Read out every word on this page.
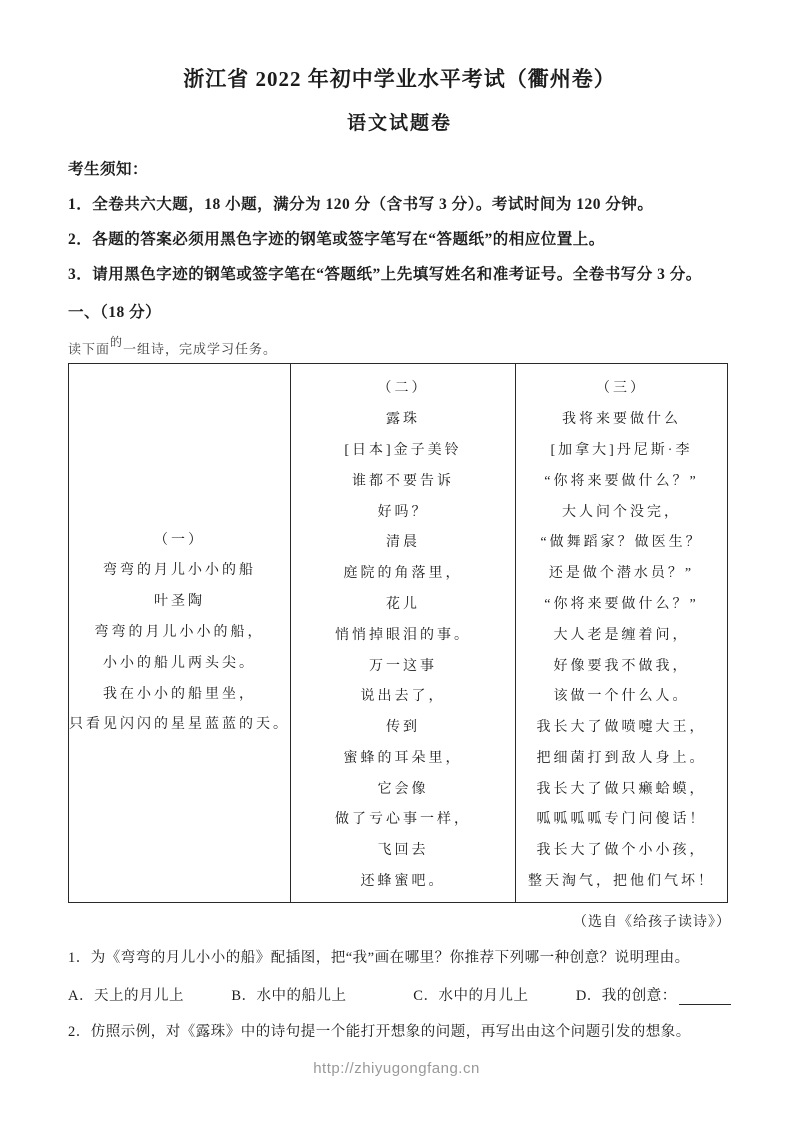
浙江省 2022 年初中学业水平考试（衢州卷）
语文试题卷
考生须知：
1．全卷共六大题，18 小题，满分为 120 分（含书写 3 分）。考试时间为 120 分钟。
2．各题的答案必须用黑色字迹的钢笔或签字笔写在“答题纸”的相应位置上。
3．请用黑色字迹的钢笔或签字笔在“答题纸”上先填写姓名和准考证号。全卷书写分 3 分。
一、（18 分）
读下面$^的$一组诗，完成学习任务。
（一）
弯弯的月儿小小的船
叶圣陶
弯弯的月儿小小的船，
小小的船儿两头尖。
我在小小的船里坐，
只看见闪闪的星星蓝蓝的天。
（二）
露珠
[日本]金子美铃
谁都不要告诉
好吗？
清晨
庭院的角落里，
花儿
悄悄掉眼泪的事。
万一这事
说出去了，
传到
蜜蜂的耳朵里，
它会像
做了亏心事一样，
飞回去
还蜂蜜吧。
（三）
我将来要做什么
[加拿大]丹尼斯·李
“你将来要做什么？”
大人问个没完，
“做舞蹈家？做医生？
还是做个潜水员？”
“你将来要做什么？”
大人老是缠着问，
好像要我不做我，
该做一个什么人。
我长大了做喷嚏大王，
把细菌打到敌人身上。
我长大了做只癞蛤蟆，
呱呱呱呱专门问傻话！
我长大了做个小小孩，
整天淘气，把他们气坏！
（选自《给孩子读诗》）
1．为《弯弯的月儿小小的船》配插图，把“我”画在哪里？你推荐下列哪一种创意？说明理由。
A．天上的月儿上	B．水中的船儿上	C．水中的月儿上	D．我的创意：
2．仿照示例，对《露珠》中的诗句提一个能打开想象的问题，再写出由这个问题引发的想象。
http://zhiyugongfang.cn
